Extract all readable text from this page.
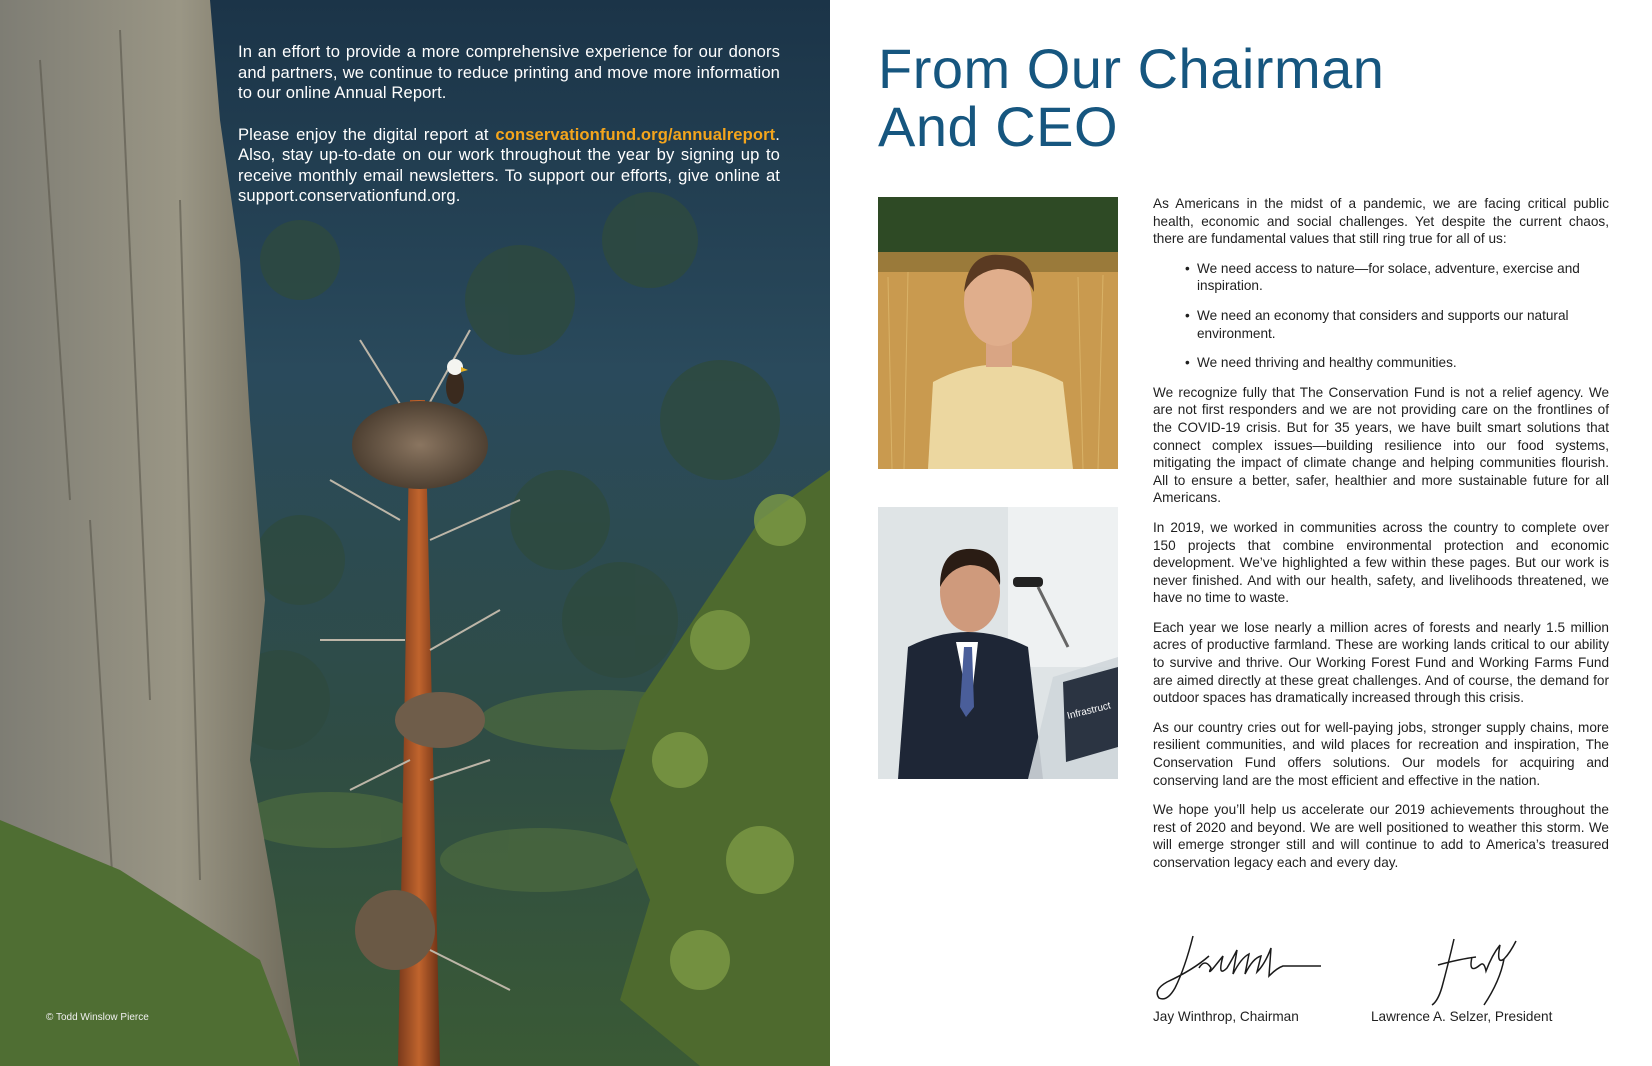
In an effort to provide a more comprehensive experience for our donors and partners, we continue to reduce printing and move more information to our online Annual Report.

Please enjoy the digital report at conservationfund.org/annualreport. Also, stay up-to-date on our work throughout the year by signing up to receive monthly email newsletters. To support our efforts, give online at support.conservationfund.org.

© Todd Winslow Pierce
From Our Chairman
And CEO
Infrastruct

As Americans in the midst of a pandemic, we are facing critical public health, economic and social challenges. Yet despite the current chaos, there are fundamental values that still ring true for all of us:

• We need access to nature—for solace, adventure, exercise and inspiration.
• We need an economy that considers and supports our natural environment.
• We need thriving and healthy communities.

We recognize fully that The Conservation Fund is not a relief agency. We are not first responders and we are not providing care on the frontlines of the COVID-19 crisis. But for 35 years, we have built smart solutions that connect complex issues—building resilience into our food systems, mitigating the impact of climate change and helping communities flourish. All to ensure a better, safer, healthier and more sustainable future for all Americans.

In 2019, we worked in communities across the country to complete over 150 projects that combine environmental protection and economic development. We’ve highlighted a few within these pages. But our work is never finished. And with our health, safety, and livelihoods threatened, we have no time to waste.

Each year we lose nearly a million acres of forests and nearly 1.5 million acres of productive farmland. These are working lands critical to our ability to survive and thrive. Our Working Forest Fund and Working Farms Fund are aimed directly at these great challenges. And of course, the demand for outdoor spaces has dramatically increased through this crisis.

As our country cries out for well-paying jobs, stronger supply chains, more resilient communities, and wild places for recreation and inspiration, The Conservation Fund offers solutions. Our models for acquiring and conserving land are the most efficient and effective in the nation.

We hope you’ll help us accelerate our 2019 achievements throughout the rest of 2020 and beyond. We are well positioned to weather this storm. We will emerge stronger still and will continue to add to America’s treasured conservation legacy each and every day.

Jay Winthrop, Chairman	Lawrence A. Selzer, President
